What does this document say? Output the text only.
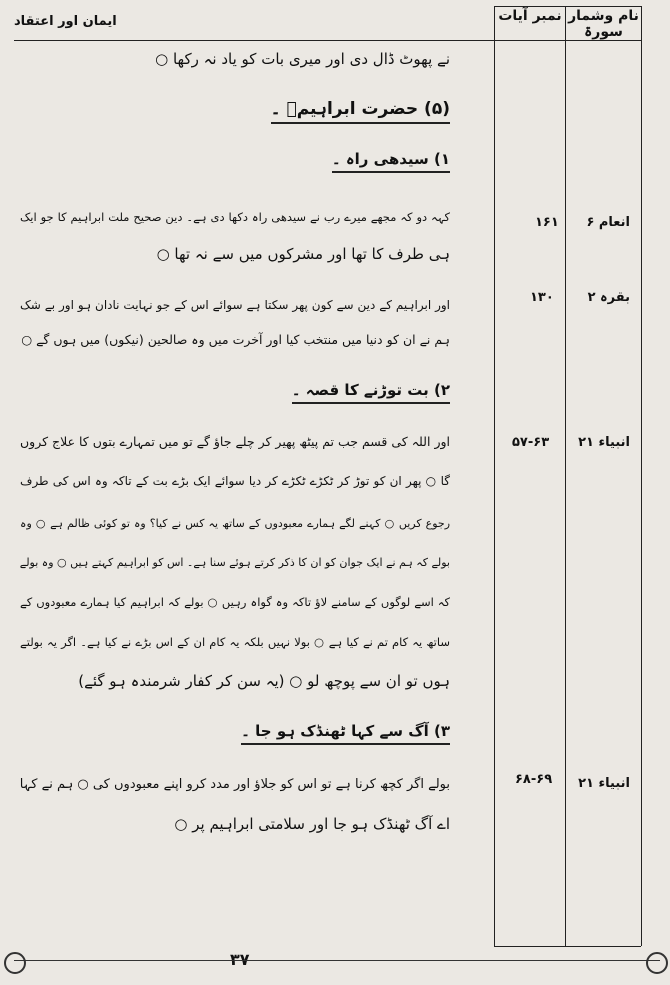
ایمان اور اعتقاد	نام وشمار سورۃ
نمبر آیات
نے پھوٹ ڈال دی اور میری بات کو یاد نہ رکھا ○
(۵) حضرت ابراہیمؑ ۔
۱) سیدھی راہ ۔
انعام ۶
۱۶۱
کہہ دو کہ مجھے میرے رب نے سیدھی راہ دکھا دی ہے۔ دین صحیح ملت ابراہیم کا جو ایک
ہی طرف کا تھا اور مشرکوں میں سے نہ تھا ○
بقرہ ۲
۱۳۰
اور ابراہیم کے دین سے کون پھر سکتا ہے سوائے اس کے جو نہایت نادان ہو اور بے شک
ہم نے ان کو دنیا میں منتخب کیا اور آخرت میں وہ صالحین (نیکوں) میں ہوں گے ○
۲) بت توڑنے کا قصہ ۔
انبیاء ۲۱
۵۷-۶۳
اور اللہ کی قسم جب تم پیٹھ پھیر کر چلے جاؤ گے تو میں تمہارے بتوں کا علاج کروں
گا ○ پھر ان کو توڑ کر ٹکڑے ٹکڑے کر دیا سوائے ایک بڑے بت کے تاکہ وہ اس کی طرف
رجوع کریں ○ کہنے لگے ہمارے معبودوں کے ساتھ یہ کس نے کیا؟ وہ تو کوئی ظالم ہے ○ وہ
بولے کہ ہم نے ایک جوان کو ان کا ذکر کرتے ہوئے سنا ہے۔ اس کو ابراہیم کہتے ہیں ○ وہ بولے
کہ اسے لوگوں کے سامنے لاؤ تاکہ وہ گواہ رہیں ○ بولے کہ ابراہیم کیا ہمارے معبودوں کے
ساتھ یہ کام تم نے کیا ہے ○ بولا نہیں بلکہ یہ کام ان کے اس بڑے نے کیا ہے۔ اگر یہ بولتے
ہوں تو ان سے پوچھ لو ○ (یہ سن کر کفار شرمندہ ہو گئے)
۳) آگ سے کہا ٹھنڈک ہو جا ۔
انبیاء ۲۱
۶۸-۶۹
بولے اگر کچھ کرنا ہے تو اس کو جلاؤ اور مدد کرو اپنے معبودوں کی ○ ہم نے کہا
اے آگ ٹھنڈک ہو جا اور سلامتی ابراہیم پر ○
۳۷
